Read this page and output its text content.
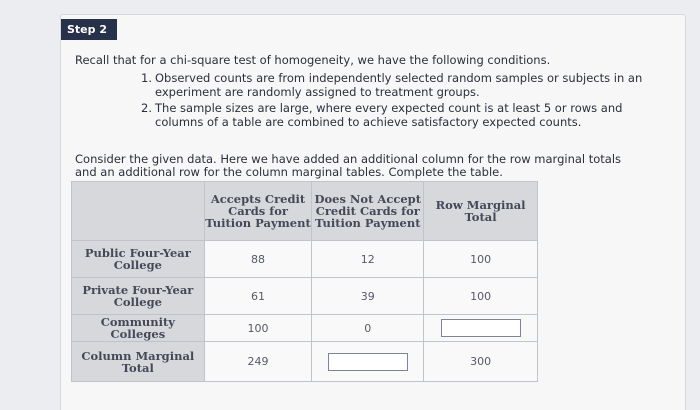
Step 2

Recall that for a chi-square test of homogeneity, we have the following conditions.

1. Observed counts are from independently selected random samples or subjects in an experiment are randomly assigned to treatment groups.
2. The sample sizes are large, where every expected count is at least 5 or rows and columns of a table are combined to achieve satisfactory expected counts.

Consider the given data. Here we have added an additional column for the row marginal totals and an additional row for the column marginal tables. Complete the table.

	Accepts Credit Cards for Tuition Payment	Does Not Accept Credit Cards for Tuition Payment	Row Marginal Total
Public Four-Year College	88	12	100
Private Four-Year College	61	39	100
Community Colleges	100	0	
Column Marginal Total	249		300
